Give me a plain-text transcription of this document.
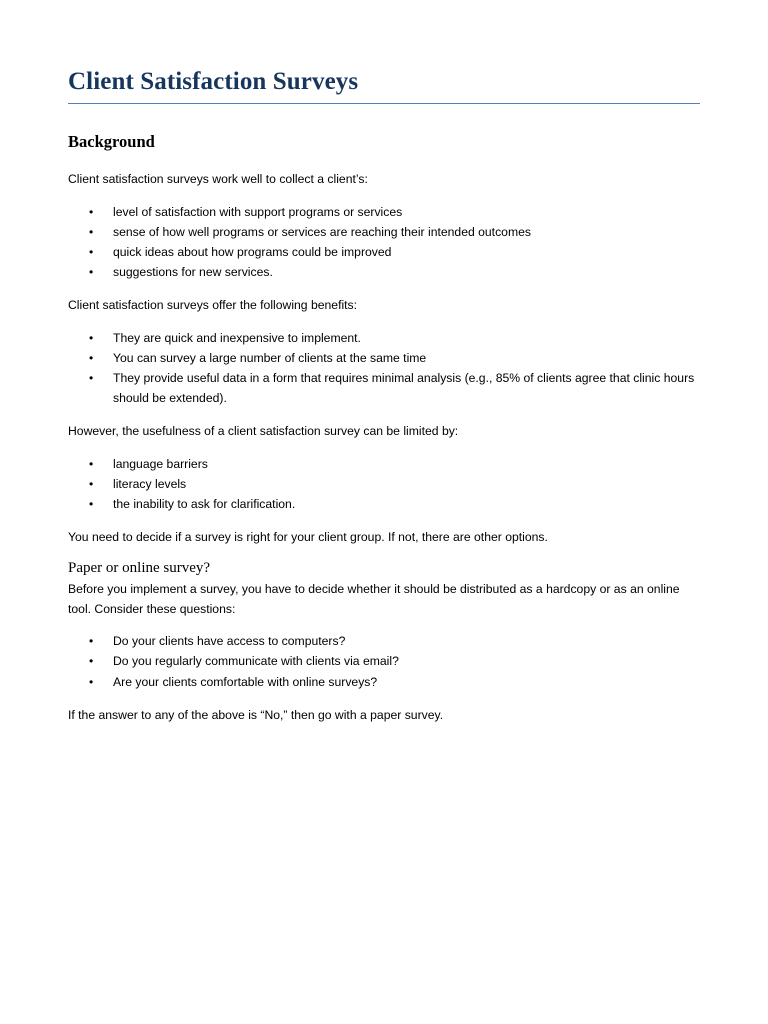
Client Satisfaction Surveys
Background

Client satisfaction surveys work well to collect a client’s:

• level of satisfaction with support programs or services
• sense of how well programs or services are reaching their intended outcomes
• quick ideas about how programs could be improved
• suggestions for new services.

Client satisfaction surveys offer the following benefits:

• They are quick and inexpensive to implement.
• You can survey a large number of clients at the same time
• They provide useful data in a form that requires minimal analysis (e.g., 85% of clients agree that clinic hours should be extended).

However, the usefulness of a client satisfaction survey can be limited by:

• language barriers
• literacy levels
• the inability to ask for clarification.

You need to decide if a survey is right for your client group. If not, there are other options.

Paper or online survey?

Before you implement a survey, you have to decide whether it should be distributed as a hardcopy or as an online tool. Consider these questions:

• Do your clients have access to computers?
• Do you regularly communicate with clients via email?
• Are your clients comfortable with online surveys?

If the answer to any of the above is “No,” then go with a paper survey.
